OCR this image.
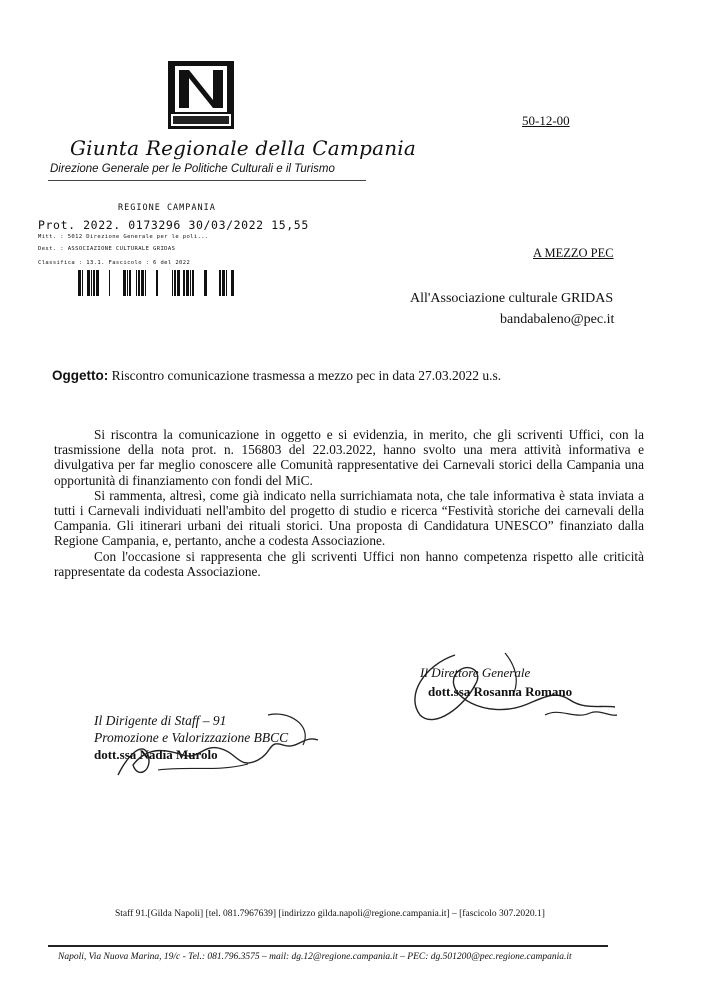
Giunta Regionale della Campania
Direzione Generale per le Politiche Culturali e il Turismo
50-12-00
REGIONE CAMPANIA
Prot. 2022. 0173296 30/03/2022 15,55
Mitt. : 5012 Direzione Generale per le poli...
Dest. : ASSOCIAZIONE CULTURALE GRIDAS
Classifica : 13.1. Fascicolo : 6 del 2022
A MEZZO PEC
All'Associazione culturale GRIDAS
bandabaleno@pec.it
Oggetto: Riscontro comunicazione trasmessa a mezzo pec in data 27.03.2022 u.s.

Si riscontra la comunicazione in oggetto e si evidenzia, in merito, che gli scriventi Uffici, con la trasmissione della nota prot. n. 156803 del 22.03.2022, hanno svolto una mera attività informativa e divulgativa per far meglio conoscere alle Comunità rappresentative dei Carnevali storici della Campania una opportunità di finanziamento con fondi del MiC.

Si rammenta, altresì, come già indicato nella surrichiamata nota, che tale informativa è stata inviata a tutti i Carnevali individuati nell'ambito del progetto di studio e ricerca “Festività storiche dei carnevali della Campania. Gli itinerari urbani dei rituali storici. Una proposta di Candidatura UNESCO” finanziato dalla Regione Campania, e, pertanto, anche a codesta Associazione.

Con l'occasione si rappresenta che gli scriventi Uffici non hanno competenza rispetto alle criticità rappresentate da codesta Associazione.

Il Direttore Generale
dott.ssa Rosanna Romano
Il Dirigente di Staff – 91
Promozione e Valorizzazione BBCC
dott.ssa Nadia Murolo
Staff 91.[Gilda Napoli] [tel. 081.7967639] [indirizzo gilda.napoli@regione.campania.it] – [fascicolo 307.2020.1]
Napoli, Via Nuova Marina, 19/c - Tel.: 081.796.3575 – mail: dg.12@regione.campania.it – PEC: dg.501200@pec.regione.campania.it
